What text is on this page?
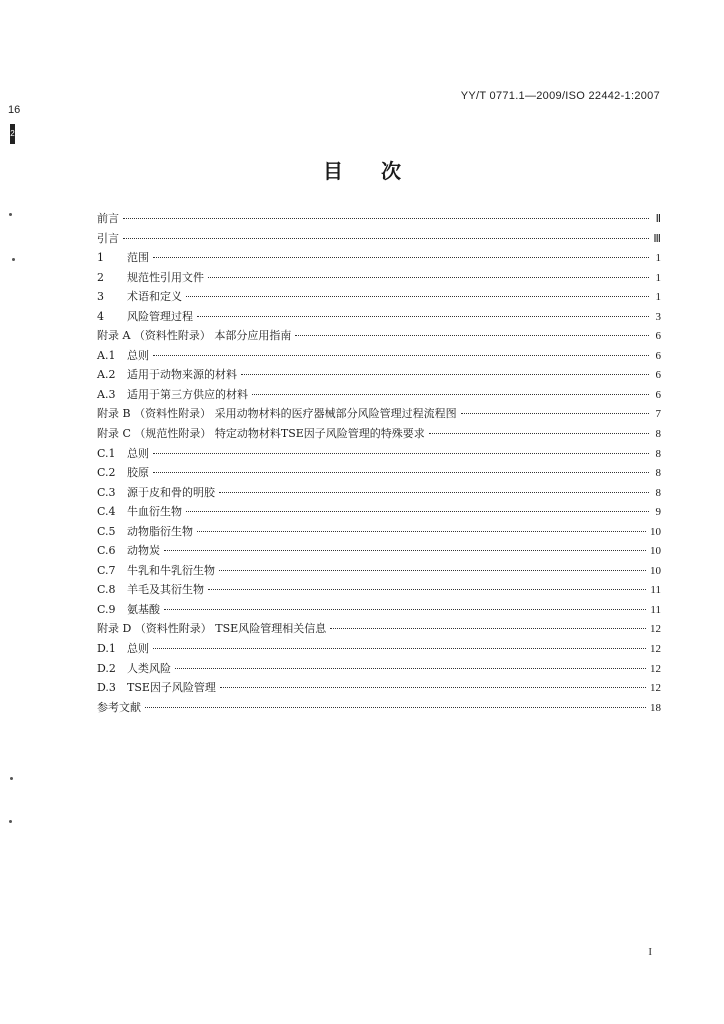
16
2
YY/T 0771.1—2009/ISO 22442-1:2007
目次
前言	Ⅱ
引言	Ⅲ
1 范围	1
2 规范性引用文件	1
3 术语和定义	1
4 风险管理过程	3
附录 A （资料性附录） 本部分应用指南	6
A.1 总则	6
A.2 适用于动物来源的材料	6
A.3 适用于第三方供应的材料	6
附录 B （资料性附录） 采用动物材料的医疗器械部分风险管理过程流程图	7
附录 C （规范性附录） 特定动物材料TSE因子风险管理的特殊要求	8
C.1 总则	8
C.2 胶原	8
C.3 源于皮和骨的明胶	8
C.4 牛血衍生物	9
C.5 动物脂衍生物	10
C.6 动物炭	10
C.7 牛乳和牛乳衍生物	10
C.8 羊毛及其衍生物	11
C.9 氨基酸	11
附录 D （资料性附录） TSE风险管理相关信息	12
D.1 总则	12
D.2 人类风险	12
D.3 TSE因子风险管理	12
参考文献	18
I
